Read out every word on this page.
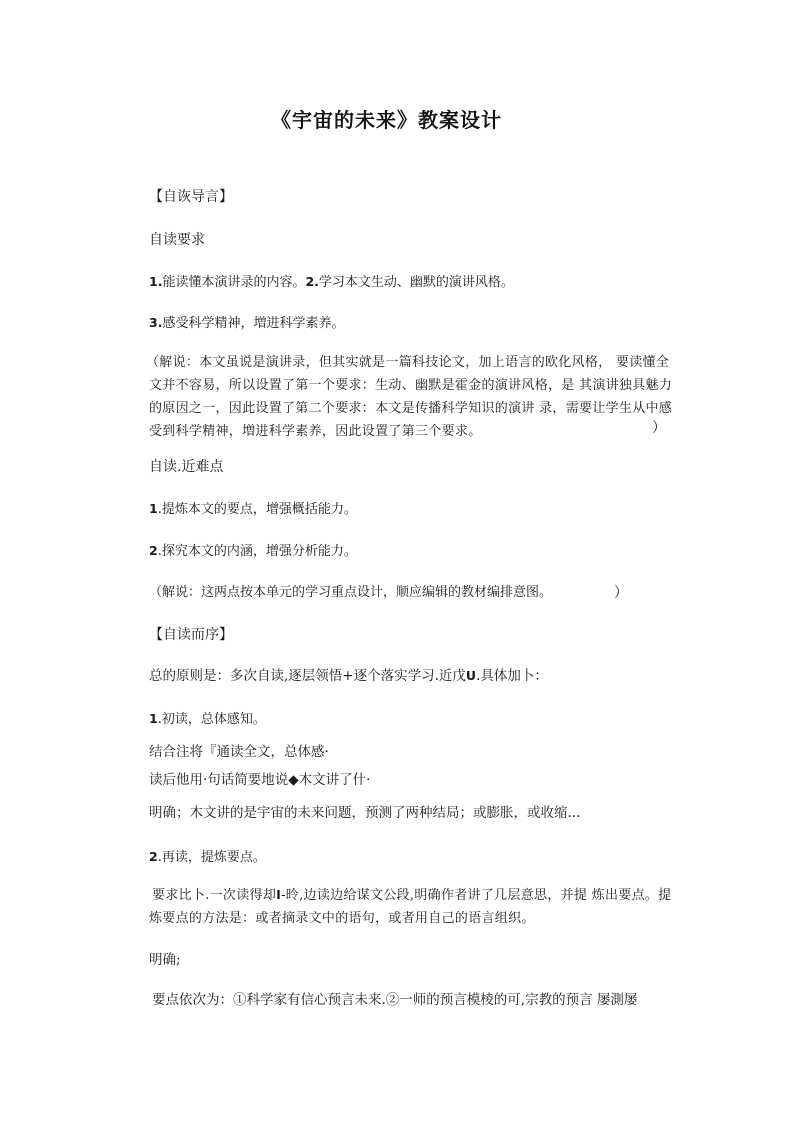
《宇宙的未来》教案设计

【自诙导言】

自读要求

1.能读懂本演讲录的内容。2.学习本文生动、幽默的演讲风格。

3.感受科学精神，増进科学素养。

（解说：本文虽说是演讲录，但其实就是一篇科技论文，加上语言的欧化风格， 要读懂全文并不容易，所以设置了第一个要求：生动、幽默是霍金的演讲风格，是 其演讲独具魅力的原因之一，因此设置了第二个要求：本文是传播科学知识的演讲 录，需要让学生从中感受到科学精神，増进科学素养，因此设置了第三个要求。	）

自读.近难点

1.提炼本文的要点，增强概括能力。

2.探究本文的内涵，增强分析能力。

（解说：这两点按本单元的学习重点设计，顺应编辑的教材编排意图。	）

【自读而序】

总的原则是：多次自读,逐层领悟+逐个落实学习.近戊U.具体加卜：

1.初读，总体感知。

结合注将『通读全文，总体感·

读后他用·句话简要地说◆木文讲了什·

明确；木文讲的是宇宙的未来问题，预测了两种结局；或膨胀，或收缩...

2.再读，提炼要点。

要求比卜.一次读得却I-昤,边读边给谋文公段,明确作者讲了几层意思，并提 炼出要点。提炼要点的方法是：或者摘录文中的语句，或者用自己的语言组织。

明确;

要点依次为：①科学家有信心预言未来.②一师的预言模棱的可,宗教的预言 屡測屡
